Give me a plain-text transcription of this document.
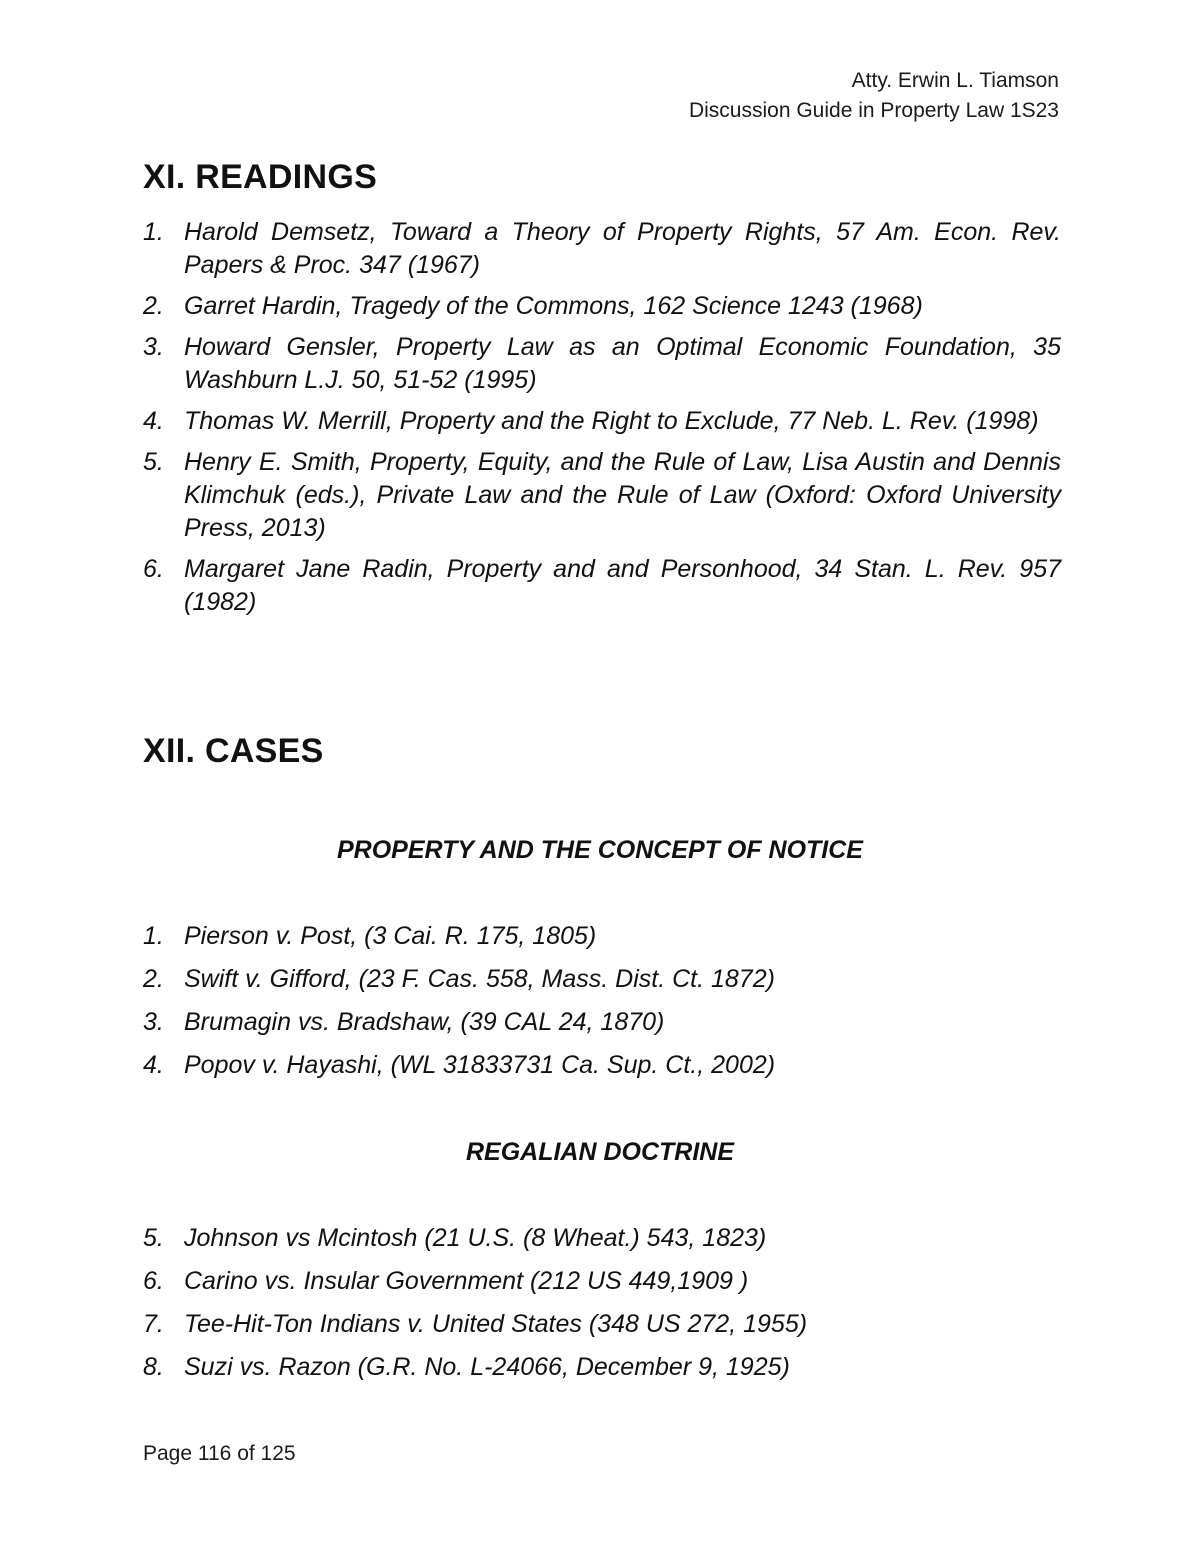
Atty. Erwin L. Tiamson
Discussion Guide in Property Law 1S23
XI. READINGS
1. Harold Demsetz, Toward a Theory of Property Rights, 57 Am. Econ. Rev. Papers & Proc. 347 (1967)
2. Garret Hardin, Tragedy of the Commons, 162 Science 1243 (1968)
3. Howard Gensler, Property Law as an Optimal Economic Foundation, 35 Washburn L.J. 50, 51-52 (1995)
4. Thomas W. Merrill, Property and the Right to Exclude, 77 Neb. L. Rev. (1998)
5. Henry E. Smith, Property, Equity, and the Rule of Law, Lisa Austin and Dennis Klimchuk (eds.), Private Law and the Rule of Law (Oxford: Oxford University Press, 2013)
6. Margaret Jane Radin, Property and and Personhood, 34 Stan. L. Rev. 957 (1982)
XII. CASES
PROPERTY AND THE CONCEPT OF NOTICE
1. Pierson v. Post, (3 Cai. R. 175, 1805)
2. Swift v. Gifford, (23 F. Cas. 558, Mass. Dist. Ct. 1872)
3. Brumagin vs. Bradshaw, (39 CAL 24, 1870)
4. Popov v. Hayashi, (WL 31833731 Ca. Sup. Ct., 2002)
REGALIAN DOCTRINE
5. Johnson vs Mcintosh (21 U.S. (8 Wheat.) 543, 1823)
6. Carino vs. Insular Government (212 US 449,1909 )
7. Tee-Hit-Ton Indians v. United States (348 US 272, 1955)
8. Suzi vs. Razon (G.R. No. L-24066, December 9, 1925)
Page 116 of 125
